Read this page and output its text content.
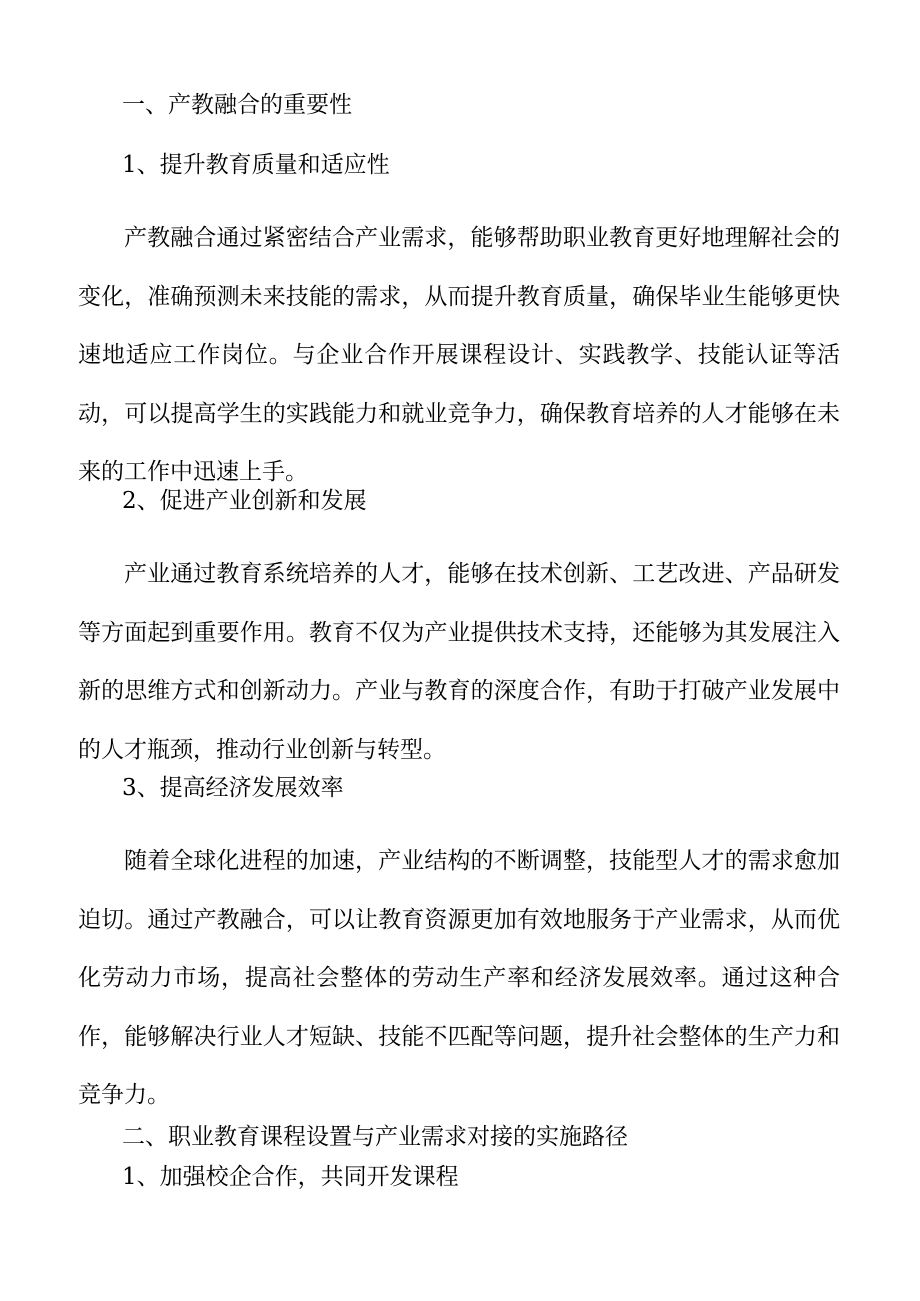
一、产教融合的重要性
1、提升教育质量和适应性

产教融合通过紧密结合产业需求，能够帮助职业教育更好地理解社会的变化，准确预测未来技能的需求，从而提升教育质量，确保毕业生能够更快速地适应工作岗位。与企业合作开展课程设计、实践教学、技能认证等活动，可以提高学生的实践能力和就业竞争力，确保教育培养的人才能够在未来的工作中迅速上手。

2、促进产业创新和发展

产业通过教育系统培养的人才，能够在技术创新、工艺改进、产品研发等方面起到重要作用。教育不仅为产业提供技术支持，还能够为其发展注入新的思维方式和创新动力。产业与教育的深度合作，有助于打破产业发展中的人才瓶颈，推动行业创新与转型。

3、提高经济发展效率

随着全球化进程的加速，产业结构的不断调整，技能型人才的需求愈加迫切。通过产教融合，可以让教育资源更加有效地服务于产业需求，从而优化劳动力市场，提高社会整体的劳动生产率和经济发展效率。通过这种合作，能够解决行业人才短缺、技能不匹配等问题，提升社会整体的生产力和竞争力。

二、职业教育课程设置与产业需求对接的实施路径
1、加强校企合作，共同开发课程
